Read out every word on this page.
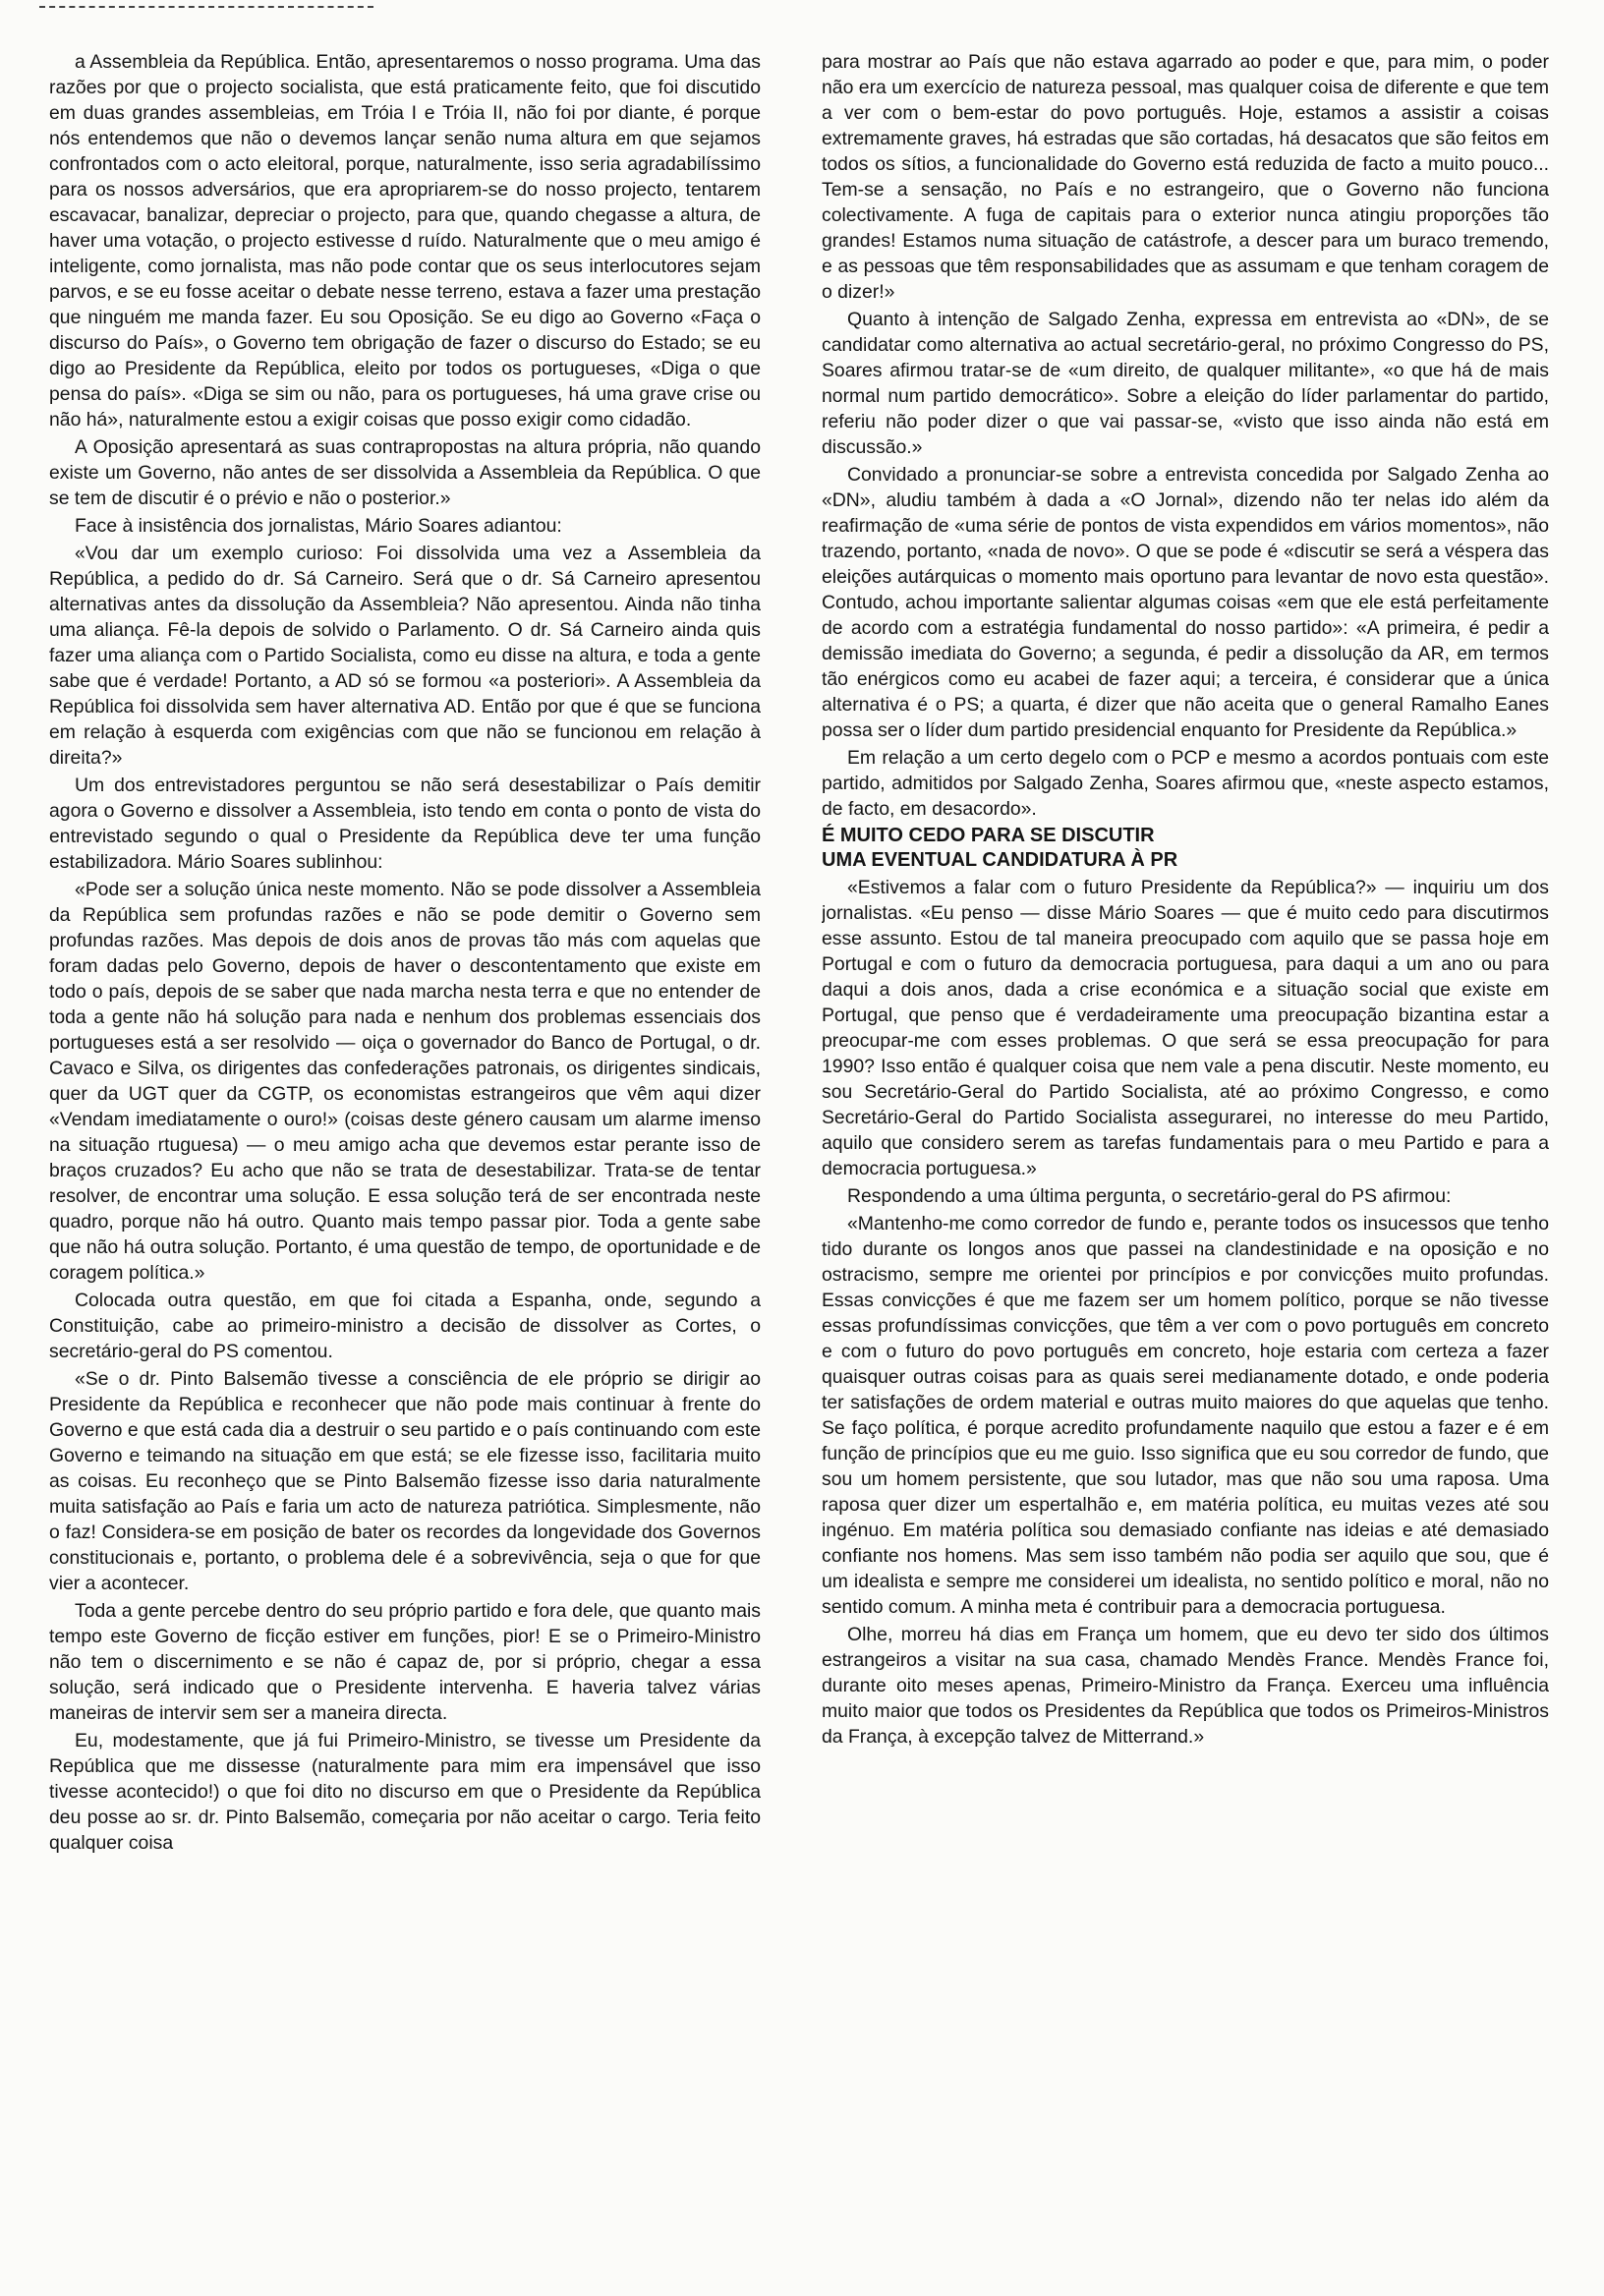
a Assembleia da República. Então, apresentaremos o nosso programa. Uma das razões por que o projecto socialista, que está praticamente feito, que foi discutido em duas grandes assembleias, em Tróia I e Tróia II, não foi por diante, é porque nós entendemos que não o devemos lançar senão numa altura em que sejamos confrontados com o acto eleitoral, porque, naturalmente, isso seria agradabilíssimo para os nossos adversários, que era apropriarem-se do nosso projecto, tentarem escavacar, banalizar, depreciar o projecto, para que, quando chegasse a altura, de haver uma votação, o projecto estivesse d ruído. Naturalmente que o meu amigo é inteligente, como jornalista, mas não pode contar que os seus interlocutores sejam parvos, e se eu fosse aceitar o debate nesse terreno, estava a fazer uma prestação que ninguém me manda fazer. Eu sou Oposição. Se eu digo ao Governo «Faça o discurso do País», o Governo tem obrigação de fazer o discurso do Estado; se eu digo ao Presidente da República, eleito por todos os portugueses, «Diga o que pensa do país». «Diga se sim ou não, para os portugueses, há uma grave crise ou não há», naturalmente estou a exigir coisas que posso exigir como cidadão.

A Oposição apresentará as suas contrapropostas na altura própria, não quando existe um Governo, não antes de ser dissolvida a Assembleia da República. O que se tem de discutir é o prévio e não o posterior.»

Face à insistência dos jornalistas, Mário Soares adiantou:

«Vou dar um exemplo curioso: Foi dissolvida uma vez a Assembleia da República, a pedido do dr. Sá Carneiro. Será que o dr. Sá Carneiro apresentou alternativas antes da dissolução da Assembleia? Não apresentou. Ainda não tinha uma aliança. Fê-la depois de solvido o Parlamento. O dr. Sá Carneiro ainda quis fazer uma aliança com o Partido Socialista, como eu disse na altura, e toda a gente sabe que é verdade! Portanto, a AD só se formou «a posteriori». A Assembleia da República foi dissolvida sem haver alternativa AD. Então por que é que se funciona em relação à esquerda com exigências com que não se funcionou em relação à direita?»

Um dos entrevistadores perguntou se não será desestabilizar o País demitir agora o Governo e dissolver a Assembleia, isto tendo em conta o ponto de vista do entrevistado segundo o qual o Presidente da República deve ter uma função estabilizadora. Mário Soares sublinhou:

«Pode ser a solução única neste momento. Não se pode dissolver a Assembleia da República sem profundas razões e não se pode demitir o Governo sem profundas razões. Mas depois de dois anos de provas tão más com aquelas que foram dadas pelo Governo, depois de haver o descontentamento que existe em todo o país, depois de se saber que nada marcha nesta terra e que no entender de toda a gente não há solução para nada e nenhum dos problemas essenciais dos portugueses está a ser resolvido — oiça o governador do Banco de Portugal, o dr. Cavaco e Silva, os dirigentes das confederações patronais, os dirigentes sindicais, quer da UGT quer da CGTP, os economistas estrangeiros que vêm aqui dizer «Vendam imediatamente o ouro!» (coisas deste género causam um alarme imenso na situação rtuguesa) — o meu amigo acha que devemos estar perante isso de braços cruzados? Eu acho que não se trata de desestabilizar. Trata-se de tentar resolver, de encontrar uma solução. E essa solução terá de ser encontrada neste quadro, porque não há outro. Quanto mais tempo passar pior. Toda a gente sabe que não há outra solução. Portanto, é uma questão de tempo, de oportunidade e de coragem política.»

Colocada outra questão, em que foi citada a Espanha, onde, segundo a Constituição, cabe ao primeiro-ministro a decisão de dissolver as Cortes, o secretário-geral do PS comentou.

«Se o dr. Pinto Balsemão tivesse a consciência de ele próprio se dirigir ao Presidente da República e reconhecer que não pode mais continuar à frente do Governo e que está cada dia a destruir o seu partido e o país continuando com este Governo e teimando na situação em que está; se ele fizesse isso, facilitaria muito as coisas. Eu reconheço que se Pinto Balsemão fizesse isso daria naturalmente muita satisfação ao País e faria um acto de natureza patriótica. Simplesmente, não o faz! Considera-se em posição de bater os recordes da longevidade dos Governos constitucionais e, portanto, o problema dele é a sobrevivência, seja o que for que vier a acontecer.

Toda a gente percebe dentro do seu próprio partido e fora dele, que quanto mais tempo este Governo de ficção estiver em funções, pior! E se o Primeiro-Ministro não tem o discernimento e se não é capaz de, por si próprio, chegar a essa solução, será indicado que o Presidente intervenha. E haveria talvez várias maneiras de intervir sem ser a maneira directa.

Eu, modestamente, que já fui Primeiro-Ministro, se tivesse um Presidente da República que me dissesse (naturalmente para mim era impensável que isso tivesse acontecido!) o que foi dito no discurso em que o Presidente da República deu posse ao sr. dr. Pinto Balsemão, começaria por não aceitar o cargo. Teria feito qualquer coisa

para mostrar ao País que não estava agarrado ao poder e que, para mim, o poder não era um exercício de natureza pessoal, mas qualquer coisa de diferente e que tem a ver com o bem-estar do povo português. Hoje, estamos a assistir a coisas extremamente graves, há estradas que são cortadas, há desacatos que são feitos em todos os sítios, a funcionalidade do Governo está reduzida de facto a muito pouco... Tem-se a sensação, no País e no estrangeiro, que o Governo não funciona colectivamente. A fuga de capitais para o exterior nunca atingiu proporções tão grandes! Estamos numa situação de catástrofe, a descer para um buraco tremendo, e as pessoas que têm responsabilidades que as assumam e que tenham coragem de o dizer!»

Quanto à intenção de Salgado Zenha, expressa em entrevista ao «DN», de se candidatar como alternativa ao actual secretário-geral, no próximo Congresso do PS, Soares afirmou tratar-se de «um direito, de qualquer militante», «o que há de mais normal num partido democrático». Sobre a eleição do líder parlamentar do partido, referiu não poder dizer o que vai passar-se, «visto que isso ainda não está em discussão.»

Convidado a pronunciar-se sobre a entrevista concedida por Salgado Zenha ao «DN», aludiu também à dada a «O Jornal», dizendo não ter nelas ido além da reafirmação de «uma série de pontos de vista expendidos em vários momentos», não trazendo, portanto, «nada de novo». O que se pode é «discutir se será a véspera das eleições autárquicas o momento mais oportuno para levantar de novo esta questão». Contudo, achou importante salientar algumas coisas «em que ele está perfeitamente de acordo com a estratégia fundamental do nosso partido»: «A primeira, é pedir a demissão imediata do Governo; a segunda, é pedir a dissolução da AR, em termos tão enérgicos como eu acabei de fazer aqui; a terceira, é considerar que a única alternativa é o PS; a quarta, é dizer que não aceita que o general Ramalho Eanes possa ser o líder dum partido presidencial enquanto for Presidente da República.»

Em relação a um certo degelo com o PCP e mesmo a acordos pontuais com este partido, admitidos por Salgado Zenha, Soares afirmou que, «neste aspecto estamos, de facto, em desacordo».

É MUITO CEDO PARA SE DISCUTIR
UMA EVENTUAL CANDIDATURA À PR

«Estivemos a falar com o futuro Presidente da República?» — inquiriu um dos jornalistas. «Eu penso — disse Mário Soares — que é muito cedo para discutirmos esse assunto. Estou de tal maneira preocupado com aquilo que se passa hoje em Portugal e com o futuro da democracia portuguesa, para daqui a um ano ou para daqui a dois anos, dada a crise económica e a situação social que existe em Portugal, que penso que é verdadeiramente uma preocupação bizantina estar a preocupar-me com esses problemas. O que será se essa preocupação for para 1990? Isso então é qualquer coisa que nem vale a pena discutir. Neste momento, eu sou Secretário-Geral do Partido Socialista, até ao próximo Congresso, e como Secretário-Geral do Partido Socialista assegurarei, no interesse do meu Partido, aquilo que considero serem as tarefas fundamentais para o meu Partido e para a democracia portuguesa.»

Respondendo a uma última pergunta, o secretário-geral do PS afirmou:

«Mantenho-me como corredor de fundo e, perante todos os insucessos que tenho tido durante os longos anos que passei na clandestinidade e na oposição e no ostracismo, sempre me orientei por princípios e por convicções muito profundas. Essas convicções é que me fazem ser um homem político, porque se não tivesse essas profundíssimas convicções, que têm a ver com o povo português em concreto e com o futuro do povo português em concreto, hoje estaria com certeza a fazer quaisquer outras coisas para as quais serei medianamente dotado, e onde poderia ter satisfações de ordem material e outras muito maiores do que aquelas que tenho. Se faço política, é porque acredito profundamente naquilo que estou a fazer e é em função de princípios que eu me guio. Isso significa que eu sou corredor de fundo, que sou um homem persistente, que sou lutador, mas que não sou uma raposa. Uma raposa quer dizer um espertalhão e, em matéria política, eu muitas vezes até sou ingénuo. Em matéria política sou demasiado confiante nas ideias e até demasiado confiante nos homens. Mas sem isso também não podia ser aquilo que sou, que é um idealista e sempre me considerei um idealista, no sentido político e moral, não no sentido comum. A minha meta é contribuir para a democracia portuguesa.

Olhe, morreu há dias em França um homem, que eu devo ter sido dos últimos estrangeiros a visitar na sua casa, chamado Mendès France. Mendès France foi, durante oito meses apenas, Primeiro-Ministro da França. Exerceu uma influência muito maior que todos os Presidentes da República que todos os Primeiros-Ministros da França, à excepção talvez de Mitterrand.»
